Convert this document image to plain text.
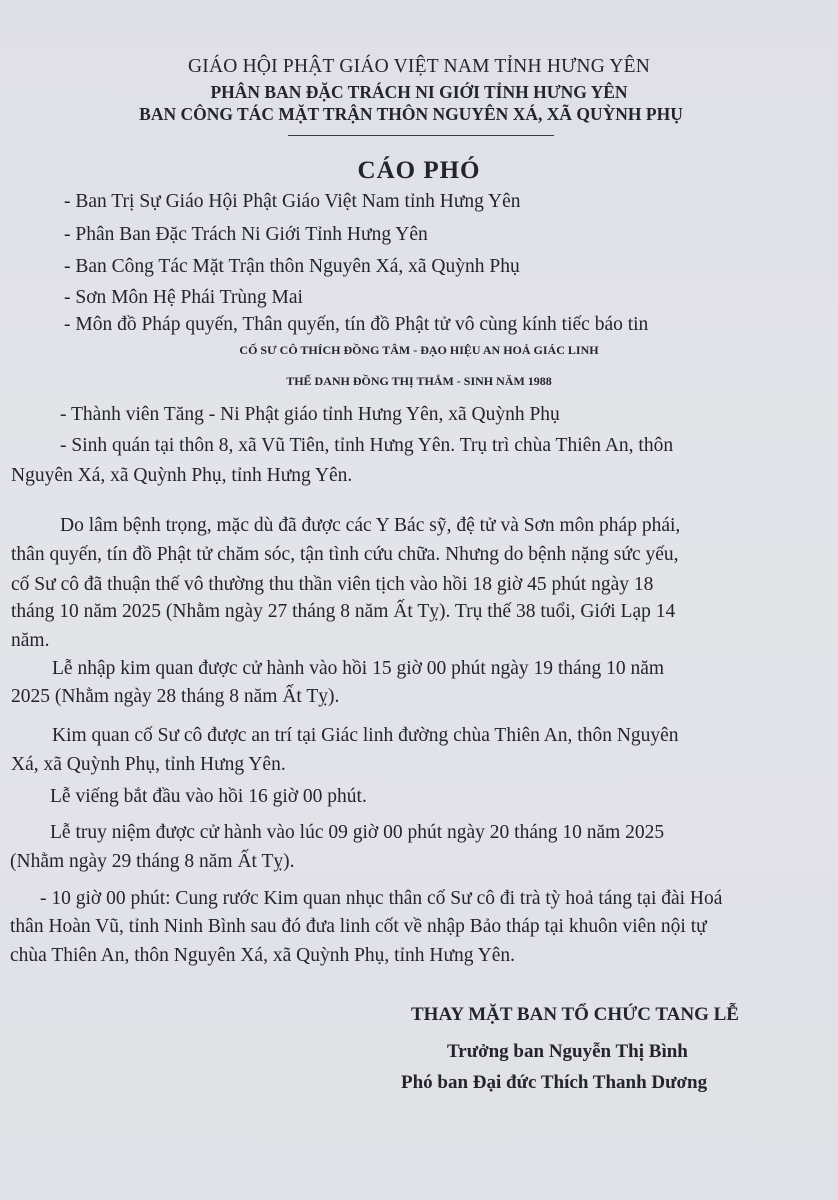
GIÁO HỘI PHẬT GIÁO VIỆT NAM TỈNH HƯNG YÊN
PHÂN BAN ĐẶC TRÁCH NI GIỚI TỈNH HƯNG YÊN
BAN CÔNG TÁC MẶT TRẬN THÔN NGUYÊN XÁ, XÃ QUỲNH PHỤ
CÁO PHÓ
- Ban Trị Sự Giáo Hội Phật Giáo Việt Nam tỉnh Hưng Yên
- Phân Ban Đặc Trách Ni Giới Tỉnh Hưng Yên
- Ban Công Tác Mặt Trận thôn Nguyên Xá, xã Quỳnh Phụ
- Sơn Môn Hệ Phái Trùng Mai
- Môn đồ Pháp quyến, Thân quyến, tín đồ Phật tử vô cùng kính tiếc báo tin
CỐ SƯ CÔ THÍCH ĐỒNG TÂM - ĐẠO HIỆU AN HOẢ GIÁC LINH
THẾ DANH ĐỒNG THỊ THẮM - SINH NĂM 1988
- Thành viên Tăng - Ni Phật giáo tỉnh Hưng Yên, xã Quỳnh Phụ
- Sinh quán tại thôn 8, xã Vũ Tiên, tỉnh Hưng Yên. Trụ trì chùa Thiên An, thôn
Nguyên Xá, xã Quỳnh Phụ, tỉnh Hưng Yên.
Do lâm bệnh trọng, mặc dù đã được các Y Bác sỹ, đệ tử và Sơn môn pháp phái,
thân quyến, tín đồ Phật tử chăm sóc, tận tình cứu chữa. Nhưng do bệnh nặng sức yếu,
cố Sư cô đã thuận thế vô thường thu thần viên tịch vào hồi 18 giờ 45 phút ngày 18
tháng 10 năm 2025 (Nhằm ngày 27 tháng 8 năm Ất Tỵ). Trụ thế 38 tuổi, Giới Lạp 14
năm.
Lễ nhập kim quan được cử hành vào hồi 15 giờ 00 phút ngày 19 tháng 10 năm
2025 (Nhằm ngày 28 tháng 8 năm Ất Tỵ).
Kim quan cố Sư cô được an trí tại Giác linh đường chùa Thiên An, thôn Nguyên
Xá, xã Quỳnh Phụ, tỉnh Hưng Yên.
Lễ viếng bắt đầu vào hồi 16 giờ 00 phút.
Lễ truy niệm được cử hành vào lúc 09 giờ 00 phút ngày 20 tháng 10 năm 2025
(Nhằm ngày 29 tháng 8 năm Ất Tỵ).
- 10 giờ 00 phút: Cung rước Kim quan nhục thân cố Sư cô đi trà tỳ hoả táng tại đài Hoá
thân Hoàn Vũ, tỉnh Ninh Bình sau đó đưa linh cốt về nhập Bảo tháp tại khuôn viên nội tự
chùa Thiên An, thôn Nguyên Xá, xã Quỳnh Phụ, tỉnh Hưng Yên.
THAY MẶT BAN TỔ CHỨC TANG LỄ
Trưởng ban Nguyễn Thị Bình
Phó ban Đại đức Thích Thanh Dương
